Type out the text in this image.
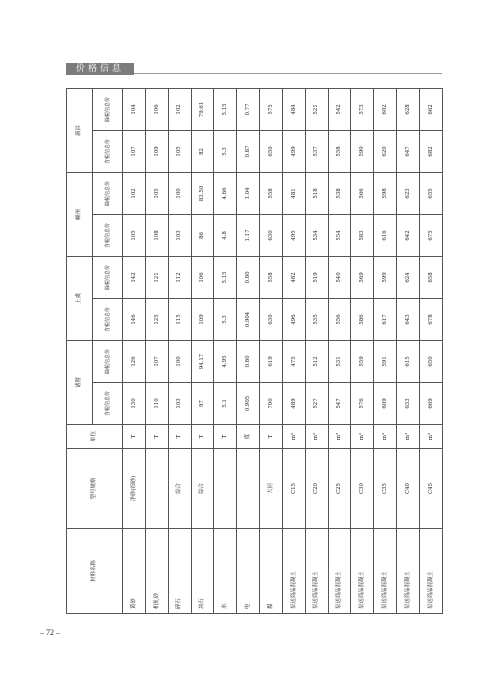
价格信息
材料名称	型号规格	单位	诸暨		上虞		嵊州		新昌	
			含税信息价	除税信息价	含税信息价	除税信息价	含税信息价	除税信息价	含税信息价	除税信息价
黄砂	净砂(细砂)	T	130	126	146	142	105	102	107	104
机轧砂		T	110	107	125	121	108	105	109	106
碎石	综合	T	103	100	115	112	103	100	105	102
块石	综合	T	97	94.17	109	106	86	83.50	82	79.61
水		T	5.1	4.95	5.3	5.15	4.8	4.66	5.3	5.15
电		度	0.905	0.80	0.904	0.80	1.17	1.04	0.87	0.77
煤	大同	T	700	619	630	558	630	558	650	575
泵送商品混凝土	C15	m³	489	475	496	482	495	481	499	484
泵送商品混凝土	C20	m³	527	512	535	519	534	518	537	521
泵送商品混凝土	C25	m³	547	531	556	540	554	538	558	542
泵送商品混凝土	C30	m³	576	559	586	569	583	566	590	573
泵送商品混凝土	C35	m³	609	591	617	599	616	598	620	602
泵送商品混凝土	C40	m³	633	615	643	624	642	623	647	628
泵送商品混凝土	C45	m³	669	650	678	658	675	655	682	662
– 72 –
